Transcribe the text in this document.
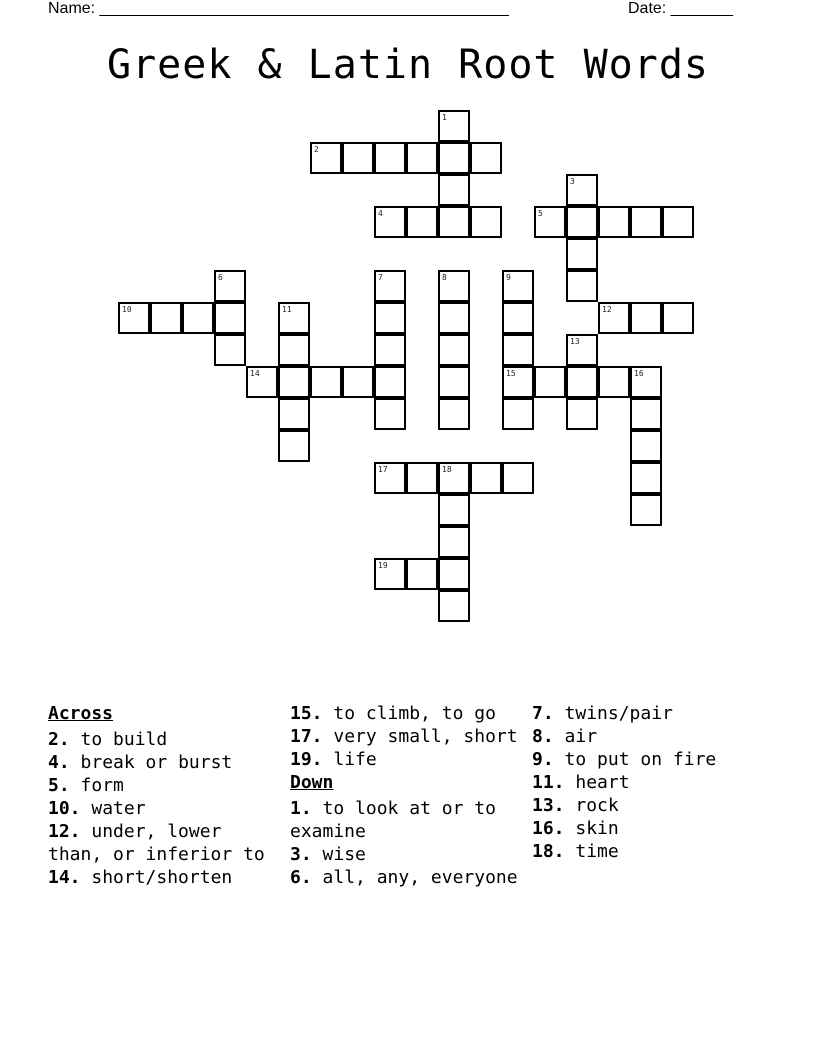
Name: ______________________________________________	Date: _______
Greek & Latin Root Words
1
2
3
4	5
6	7	8	9
15
10	11	12
13
14	16
17	18
19
Across
2. to build
4. break or burst
5. form
10. water
12. under, lower than, or inferior to
14. short/shorten
15. to climb, to go
17. very small, short
19. life
Down
1. to look at or to examine
3. wise
6. all, any, everyone
7. twins/pair
8. air
9. to put on fire
11. heart
13. rock
16. skin
18. time
